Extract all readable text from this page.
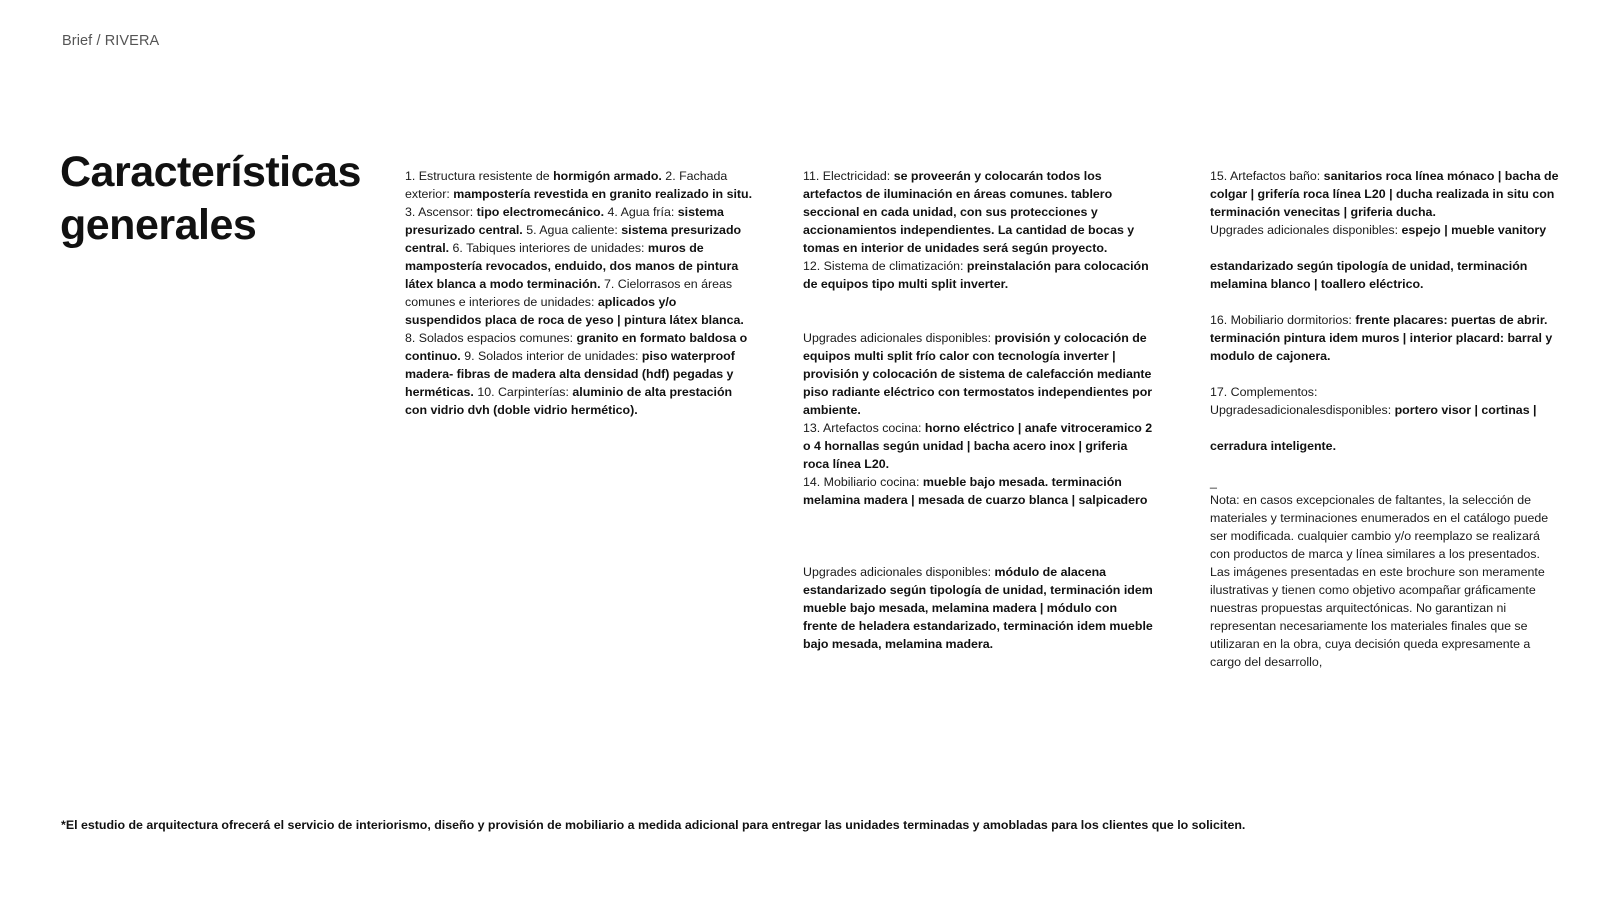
Brief / RIVERA
Características
generales

1. Estructura resistente de hormigón armado. 2. Fachada exterior: mampostería revestida en granito realizado in situ. 3. Ascensor: tipo electromecánico. 4. Agua fría: sistema presurizado central. 5. Agua caliente: sistema presurizado central. 6. Tabiques interiores de unidades: muros de mampostería revocados, enduido, dos manos de pintura látex blanca a modo terminación. 7. Cielorrasos en áreas comunes e interiores de unidades: aplicados y/o suspendidos placa de roca de yeso | pintura látex blanca. 8. Solados espacios comunes: granito en formato baldosa o continuo. 9. Solados interior de unidades: piso waterproof madera- fibras de madera alta densidad (hdf) pegadas y herméticas. 10. Carpinterías: aluminio de alta prestación con vidrio dvh (doble vidrio hermético).

11. Electricidad: se proveerán y colocarán todos los artefactos de iluminación en áreas comunes. tablero seccional en cada unidad, con sus protecciones y accionamientos independientes. La cantidad de bocas y tomas en interior de unidades será según proyecto.

12. Sistema de climatización: preinstalación para colocación de equipos tipo multi split inverter.

Upgrades adicionales disponibles: provisión y colocación de equipos multi split frío calor con tecnología inverter | provisión y colocación de sistema de calefacción mediante piso radiante eléctrico con termostatos independientes por ambiente.

13. Artefactos cocina: horno eléctrico | anafe vitroceramico 2 o 4 hornallas según unidad | bacha acero inox | griferia roca línea L20.

14. Mobiliario cocina: mueble bajo mesada. terminación melamina madera | mesada de cuarzo blanca | salpicadero

Upgrades adicionales disponibles: módulo de alacena estandarizado según tipología de unidad, terminación idem mueble bajo mesada, melamina madera | módulo con frente de heladera estandarizado, terminación idem mueble bajo mesada, melamina madera.

15. Artefactos baño: sanitarios roca línea mónaco | bacha de colgar | grifería roca línea L20 | ducha realizada in situ con terminación venecitas | griferia ducha.

Upgrades adicionales disponibles: espejo | mueble vanitory

estandarizado según tipología de unidad, terminación melamina blanco | toallero eléctrico.

16. Mobiliario dormitorios: frente placares: puertas de abrir. terminación pintura idem muros | interior placard: barral y modulo de cajonera.

17. Complementos:

Upgradesadicionalesdisponibles: portero visor | cortinas |

cerradura inteligente.

_

Nota: en casos excepcionales de faltantes, la selección de materiales y terminaciones enumerados en el catálogo puede ser modificada. cualquier cambio y/o reemplazo se realizará con productos de marca y línea similares a los presentados. Las imágenes presentadas en este brochure son meramente ilustrativas y tienen como objetivo acompañar gráficamente nuestras propuestas arquitectónicas. No garantizan ni representan necesariamente los materiales finales que se utilizaran en la obra, cuya decisión queda expresamente a cargo del desarrollo,

*El estudio de arquitectura ofrecerá el servicio de interiorismo, diseño y provisión de mobiliario a medida adicional para entregar las unidades terminadas y amobladas para los clientes que lo soliciten.
